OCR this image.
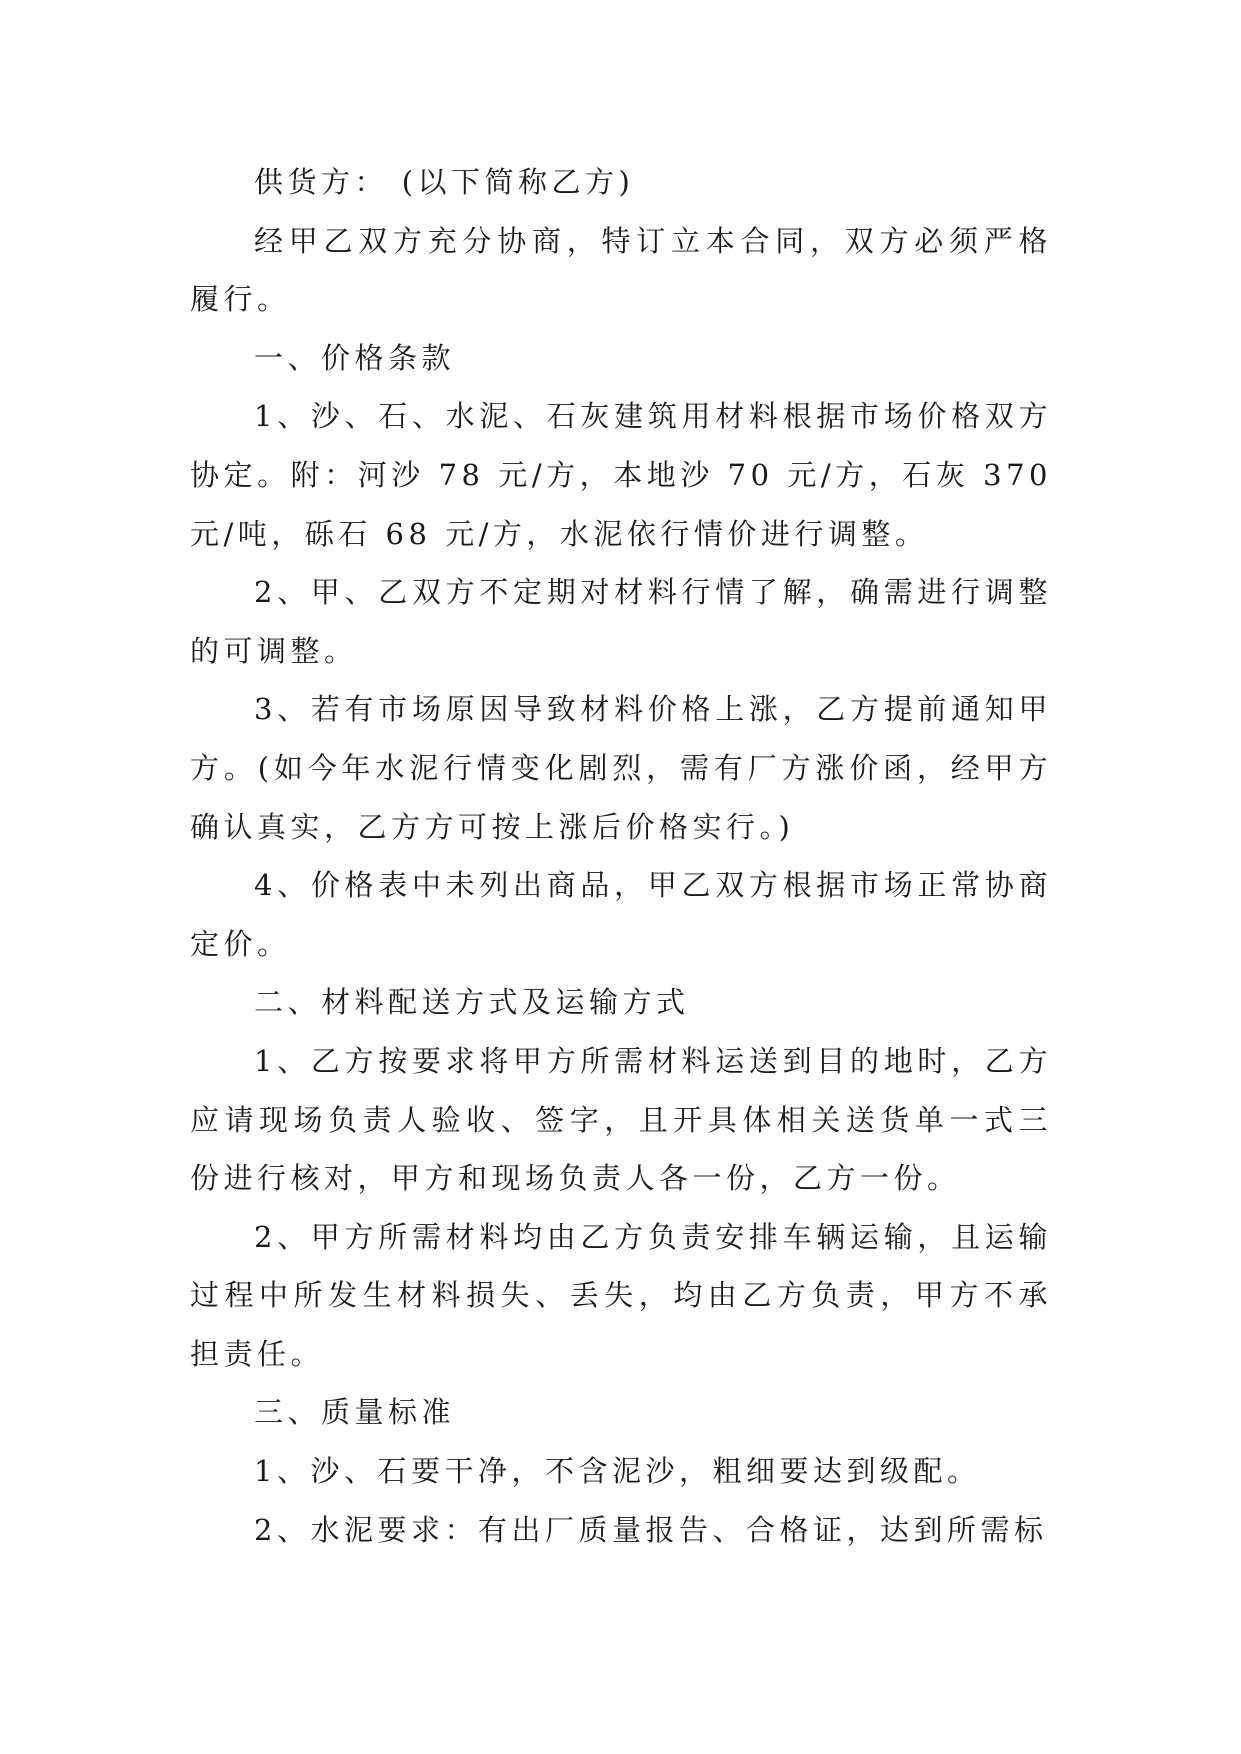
供货方： (以下简称乙方)

经甲乙双方充分协商，特订立本合同，双方必须严格履行。

一、价格条款

1、沙、石、水泥、石灰建筑用材料根据市场价格双方协定。附：河沙 78 元/方，本地沙 70 元/方，石灰 370 元/吨，砾石 68 元/方，水泥依行情价进行调整。

2、甲、乙双方不定期对材料行情了解，确需进行调整的可调整。

3、若有市场原因导致材料价格上涨，乙方提前通知甲方。(如今年水泥行情变化剧烈，需有厂方涨价函，经甲方确认真实，乙方方可按上涨后价格实行。)

4、价格表中未列出商品，甲乙双方根据市场正常协商定价。

二、材料配送方式及运输方式

1、乙方按要求将甲方所需材料运送到目的地时，乙方应请现场负责人验收、签字，且开具体相关送货单一式三份进行核对，甲方和现场负责人各一份，乙方一份。

2、甲方所需材料均由乙方负责安排车辆运输，且运输过程中所发生材料损失、丢失，均由乙方负责，甲方不承担责任。

三、质量标准

1、沙、石要干净，不含泥沙，粗细要达到级配。

2、水泥要求：有出厂质量报告、合格证，达到所需标
